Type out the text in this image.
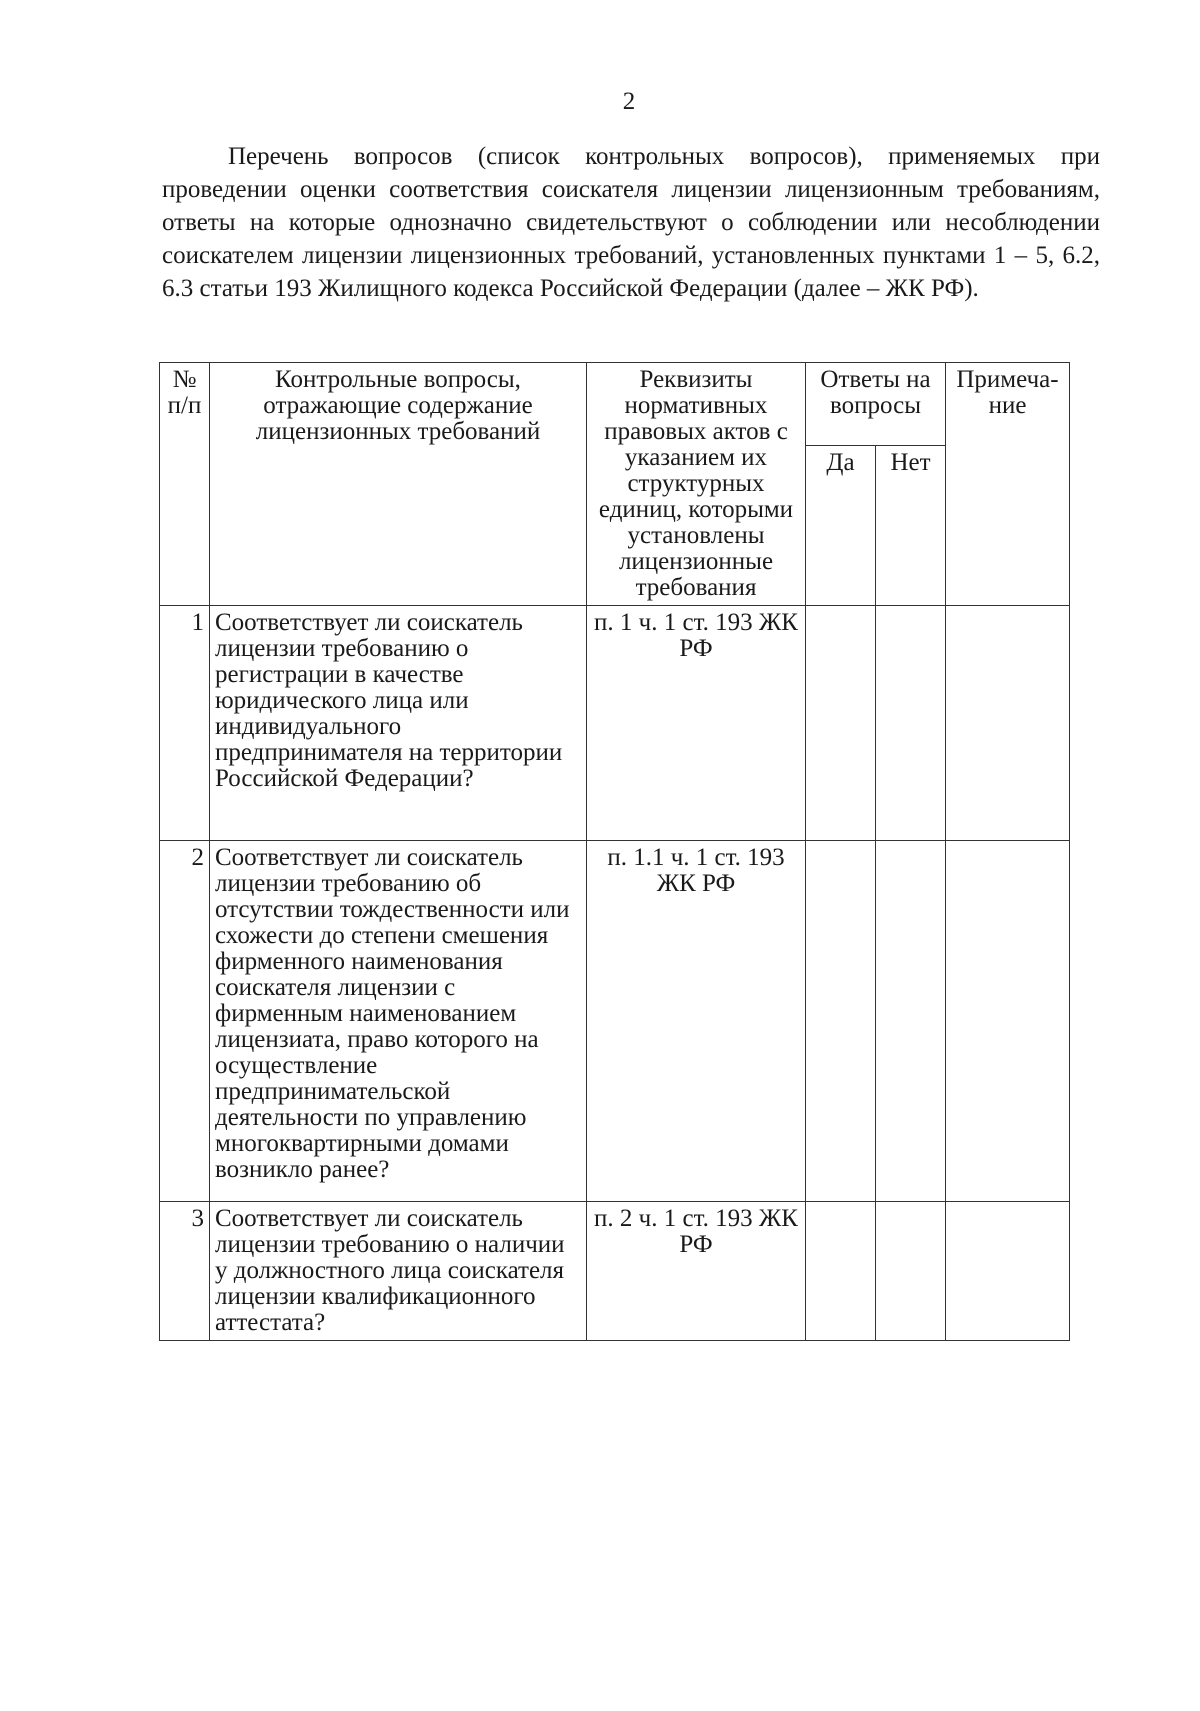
2

Перечень вопросов (список контрольных вопросов), применяемых при проведении оценки соответствия соискателя лицензии лицензионным требованиям, ответы на которые однозначно свидетельствуют о соблюдении или несоблюдении соискателем лицензии лицензионных требований, установленных пунктами 1 – 5, 6.2, 6.3 статьи 193 Жилищного кодекса Российской Федерации (далее – ЖК РФ).

№ п/п	Контрольные вопросы, отражающие содержание лицензионных требований	Реквизиты нормативных правовых актов с указанием их структурных единиц, которыми установлены лицензионные требования	Ответы на вопросы		Примеча-ние
			Да	Нет	
1	Соответствует ли соискатель лицензии требованию о регистрации в качестве юридического лица или индивидуального предпринимателя на территории Российской Федерации?	п. 1 ч. 1 ст. 193 ЖК РФ			
2	Соответствует ли соискатель лицензии требованию об отсутствии тождественности или схожести до степени смешения фирменного наименования соискателя лицензии с фирменным наименованием лицензиата, право которого на осуществление предпринимательской деятельности по управлению многоквартирными домами возникло ранее?	п. 1.1 ч. 1 ст. 193 ЖК РФ			
3	Соответствует ли соискатель лицензии требованию о наличии у должностного лица соискателя лицензии квалификационного аттестата?	п. 2 ч. 1 ст. 193 ЖК РФ			
